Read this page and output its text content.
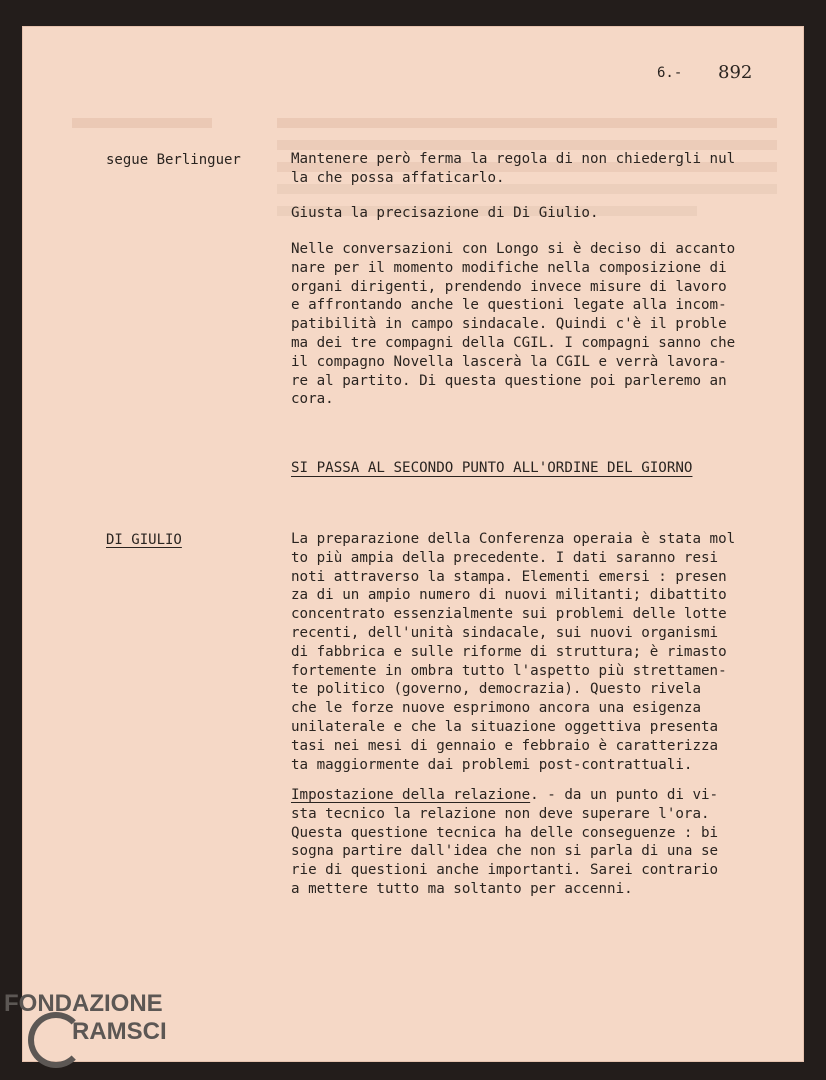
6.- 892
segue Berlinguer	Mantenere però ferma la regola di non chiedergli nul
la che possa affaticarlo.
Giusta la precisazione di Di Giulio.
Nelle conversazioni con Longo si è deciso di accanto
nare per il momento modifiche nella composizione di
organi dirigenti, prendendo invece misure di lavoro
e affrontando anche le questioni legate alla incom-
patibilità in campo sindacale. Quindi c'è il proble
ma dei tre compagni della CGIL. I compagni sanno che
il compagno Novella lascerà la CGIL e verrà lavora-
re al partito. Di questa questione poi parleremo an
cora.
SI PASSA AL SECONDO PUNTO ALL'ORDINE DEL GIORNO
DI GIULIO	La preparazione della Conferenza operaia è stata mol
to più ampia della precedente. I dati saranno resi
noti attraverso la stampa. Elementi emersi : presen
za di un ampio numero di nuovi militanti; dibattito
concentrato essenzialmente sui problemi delle lotte
recenti, dell'unità sindacale, sui nuovi organismi
di fabbrica e sulle riforme di struttura; è rimasto
fortemente in ombra tutto l'aspetto più strettamen-
te politico (governo, democrazia). Questo rivela
che le forze nuove esprimono ancora una esigenza
unilaterale e che la situazione oggettiva presenta
tasi nei mesi di gennaio e febbraio è caratterizza
ta maggiormente dai problemi post-contrattuali.
Impostazione della relazione. - da un punto di vi-
sta tecnico la relazione non deve superare l'ora.
Questa questione tecnica ha delle conseguenze : bi
sogna partire dall'idea che non si parla di una se
rie di questioni anche importanti. Sarei contrario
a mettere tutto ma soltanto per accenni.
FONDAZIONE
RAMSCI
